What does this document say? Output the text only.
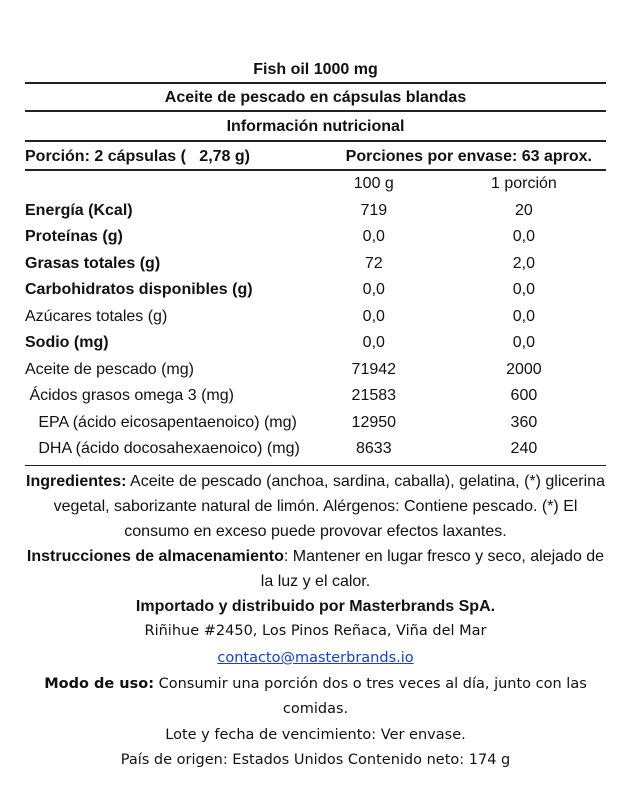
Fish oil 1000 mg
Aceite de pescado en cápsulas blandas
Información nutricional
Porción: 2 cápsulas (   2,78 g)	Porciones por envase: 63 aprox.
	100 g	1 porción
Energía (Kcal)	719	20
Proteínas (g)	0,0	0,0
Grasas totales (g)	72	2,0
Carbohidratos disponibles (g)	0,0	0,0
Azúcares totales (g)	0,0	0,0
Sodio (mg)	0,0	0,0
Aceite de pescado (mg)	71942	2000
Ácidos grasos omega 3 (mg)	21583	600
EPA (ácido eicosapentaenoico) (mg)	12950	360
DHA (ácido docosahexaenoico) (mg)	8633	240
Ingredientes: Aceite de pescado (anchoa, sardina, caballa), gelatina, (*) glicerina vegetal, saborizante natural de limón. Alérgenos: Contiene pescado. (*) El consumo en exceso puede provovar efectos laxantes.
Instrucciones de almacenamiento: Mantener en lugar fresco y seco, alejado de la luz y el calor.
Importado y distribuido por Masterbrands SpA.
Riñihue #2450, Los Pinos Reñaca, Viña del Mar
contacto@masterbrands.io
Modo de uso: Consumir una porción dos o tres veces al día, junto con las comidas.
Lote y fecha de vencimiento: Ver envase.
País de origen: Estados Unidos Contenido neto: 174 g
